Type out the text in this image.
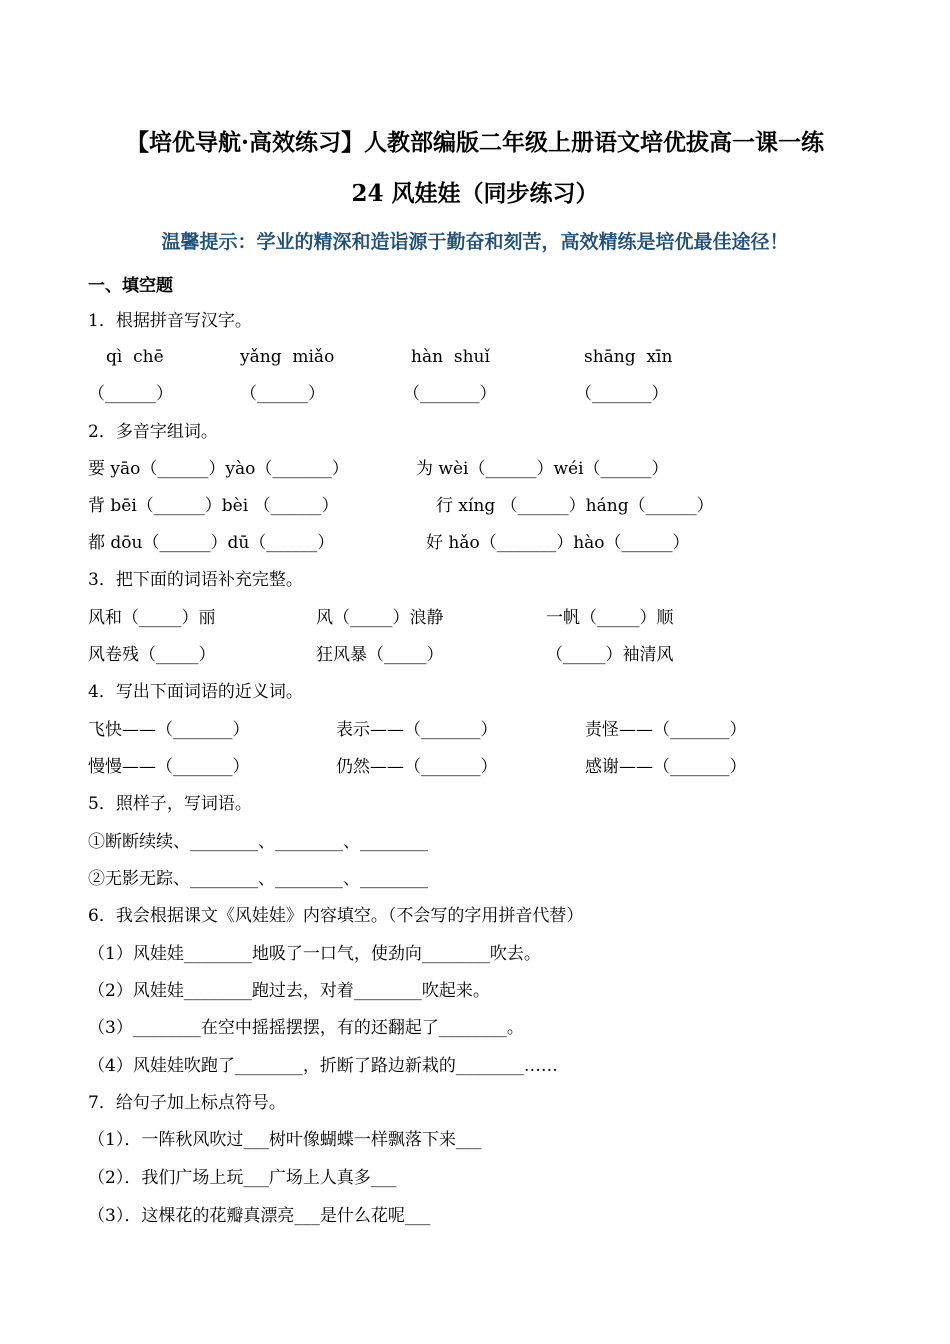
【培优导航·高效练习】人教部编版二年级上册语文培优拔高一课一练
24 风娃娃（同步练习）
温馨提示：学业的精深和造诣源于勤奋和刻苦，高效精练是培优最佳途径！
一、填空题
1．根据拼音写汉字。
qì  chē	yǎng  miǎo	hàn  shuǐ	shāng  xīn
（______）	（______）	（_______）	（_______）
2．多音字组词。
要 yāo（______）yào（_______）	为 wèi（______）wéi（______）
背 bēi（______）bèi （______）	行 xíng （______）háng（______）
都 dōu（______）dū（______）	好 hǎo（_______）hào（______）
3．把下面的词语补充完整。
风和（_____）丽	风（_____）浪静	一帆（_____）顺
风卷残（_____）	狂风暴（_____）	（_____）袖清风
4．写出下面词语的近义词。
飞快——（_______）	表示——（_______）	责怪——（_______）
慢慢——（_______）	仍然——（_______）	感谢——（_______）
5．照样子，写词语。
①断断续续、________、________、________
②无影无踪、________、________、________
6．我会根据课文《风娃娃》内容填空。（不会写的字用拼音代替）
（1）风娃娃________地吸了一口气，使劲向________吹去。
（2）风娃娃________跑过去，对着________吹起来。
（3）________在空中摇摇摆摆，有的还翻起了________。
（4）风娃娃吹跑了________，折断了路边新栽的________……
7．给句子加上标点符号。
（1）．一阵秋风吹过___树叶像蝴蝶一样飘落下来___
（2）．我们广场上玩___广场上人真多___
（3）．这棵花的花瓣真漂亮___是什么花呢___
